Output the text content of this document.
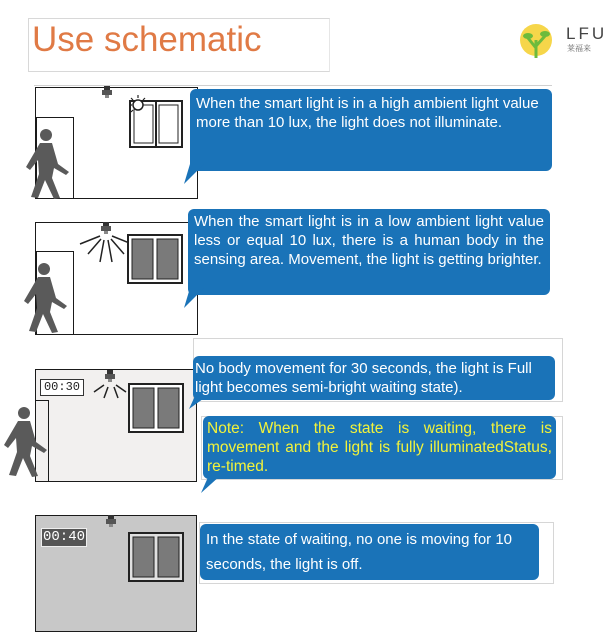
Use schematic	LFU
莱福来
When the smart light is in a high ambient light value more than 10 lux, the light does not illuminate.
When the smart light is in a low ambient light value less or equal 10 lux, there is a human body in the sensing area. Movement, the light is getting brighter.
00:30
No body movement for 30 seconds, the light is Full light becomes semi-bright waiting state).
Note: When the state is waiting, there is movement and the light is fully illuminatedStatus, re-timed.
00:40	In the state of waiting, no one is moving for 10 seconds, the light is off.
